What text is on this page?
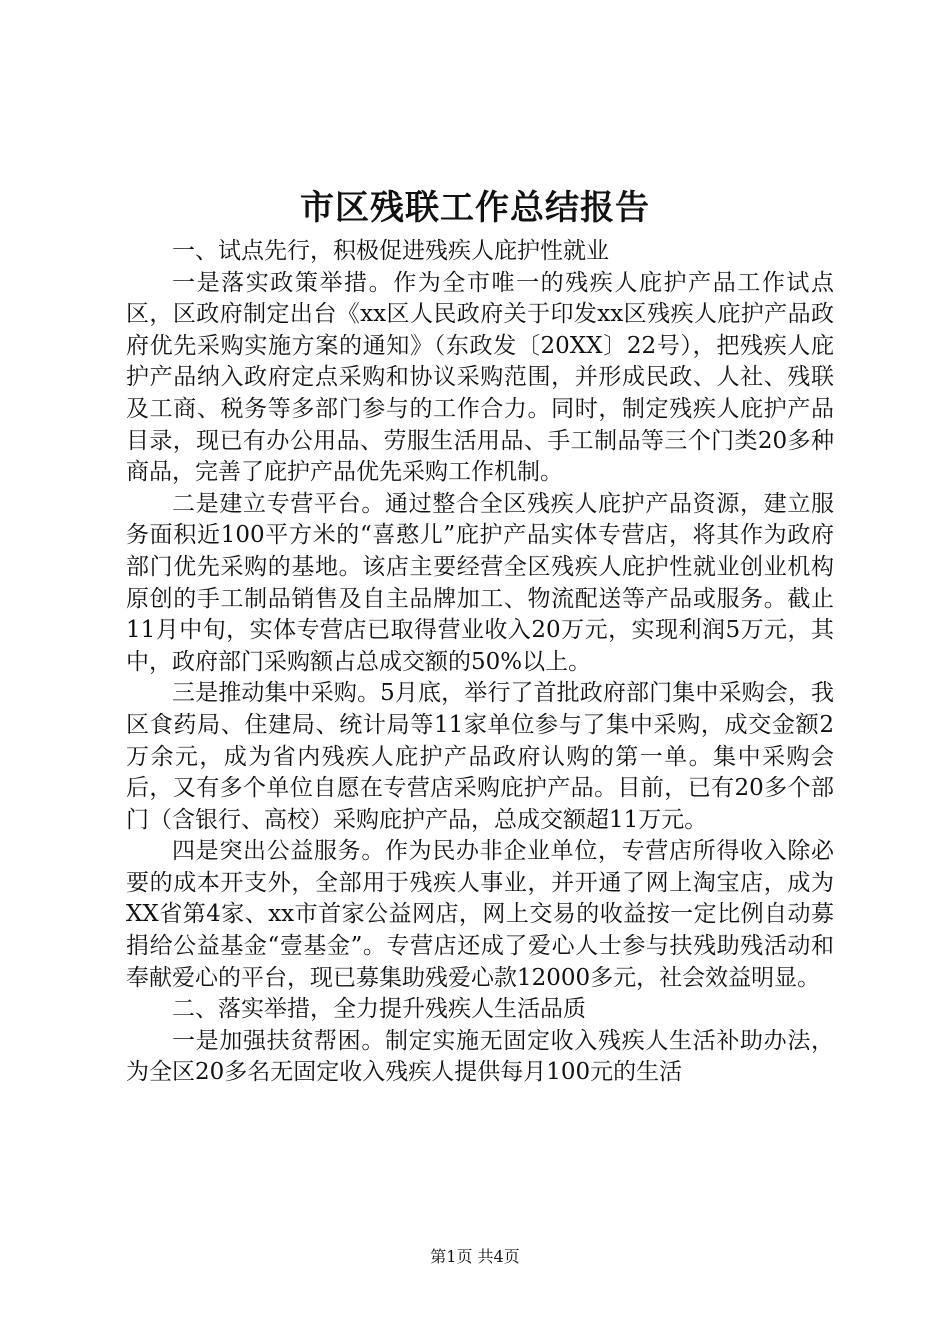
市区残联工作总结报告

一、试点先行，积极促进残疾人庇护性就业

一是落实政策举措。作为全市唯一的残疾人庇护产品工作试点区，区政府制定出台《xx区人民政府关于印发xx区残疾人庇护产品政府优先采购实施方案的通知》（东政发〔20XX〕22号），把残疾人庇护产品纳入政府定点采购和协议采购范围，并形成民政、人社、残联及工商、税务等多部门参与的工作合力。同时，制定残疾人庇护产品目录，现已有办公用品、劳服生活用品、手工制品等三个门类20多种商品，完善了庇护产品优先采购工作机制。

二是建立专营平台。通过整合全区残疾人庇护产品资源，建立服务面积近100平方米的“喜憨儿”庇护产品实体专营店，将其作为政府部门优先采购的基地。该店主要经营全区残疾人庇护性就业创业机构原创的手工制品销售及自主品牌加工、物流配送等产品或服务。截止11月中旬，实体专营店已取得营业收入20万元，实现利润5万元，其中，政府部门采购额占总成交额的50%以上。

三是推动集中采购。5月底，举行了首批政府部门集中采购会，我区食药局、住建局、统计局等11家单位参与了集中采购，成交金额2万余元，成为省内残疾人庇护产品政府认购的第一单。集中采购会后，又有多个单位自愿在专营店采购庇护产品。目前，已有20多个部门（含银行、高校）采购庇护产品，总成交额超11万元。

四是突出公益服务。作为民办非企业单位，专营店所得收入除必要的成本开支外，全部用于残疾人事业，并开通了网上淘宝店，成为XX省第4家、xx市首家公益网店，网上交易的收益按一定比例自动募捐给公益基金“壹基金”。专营店还成了爱心人士参与扶残助残活动和奉献爱心的平台，现已募集助残爱心款12000多元，社会效益明显。

二、落实举措，全力提升残疾人生活品质

一是加强扶贫帮困。制定实施无固定收入残疾人生活补助办法，为全区20多名无固定收入残疾人提供每月100元的生活

第1页 共4页
